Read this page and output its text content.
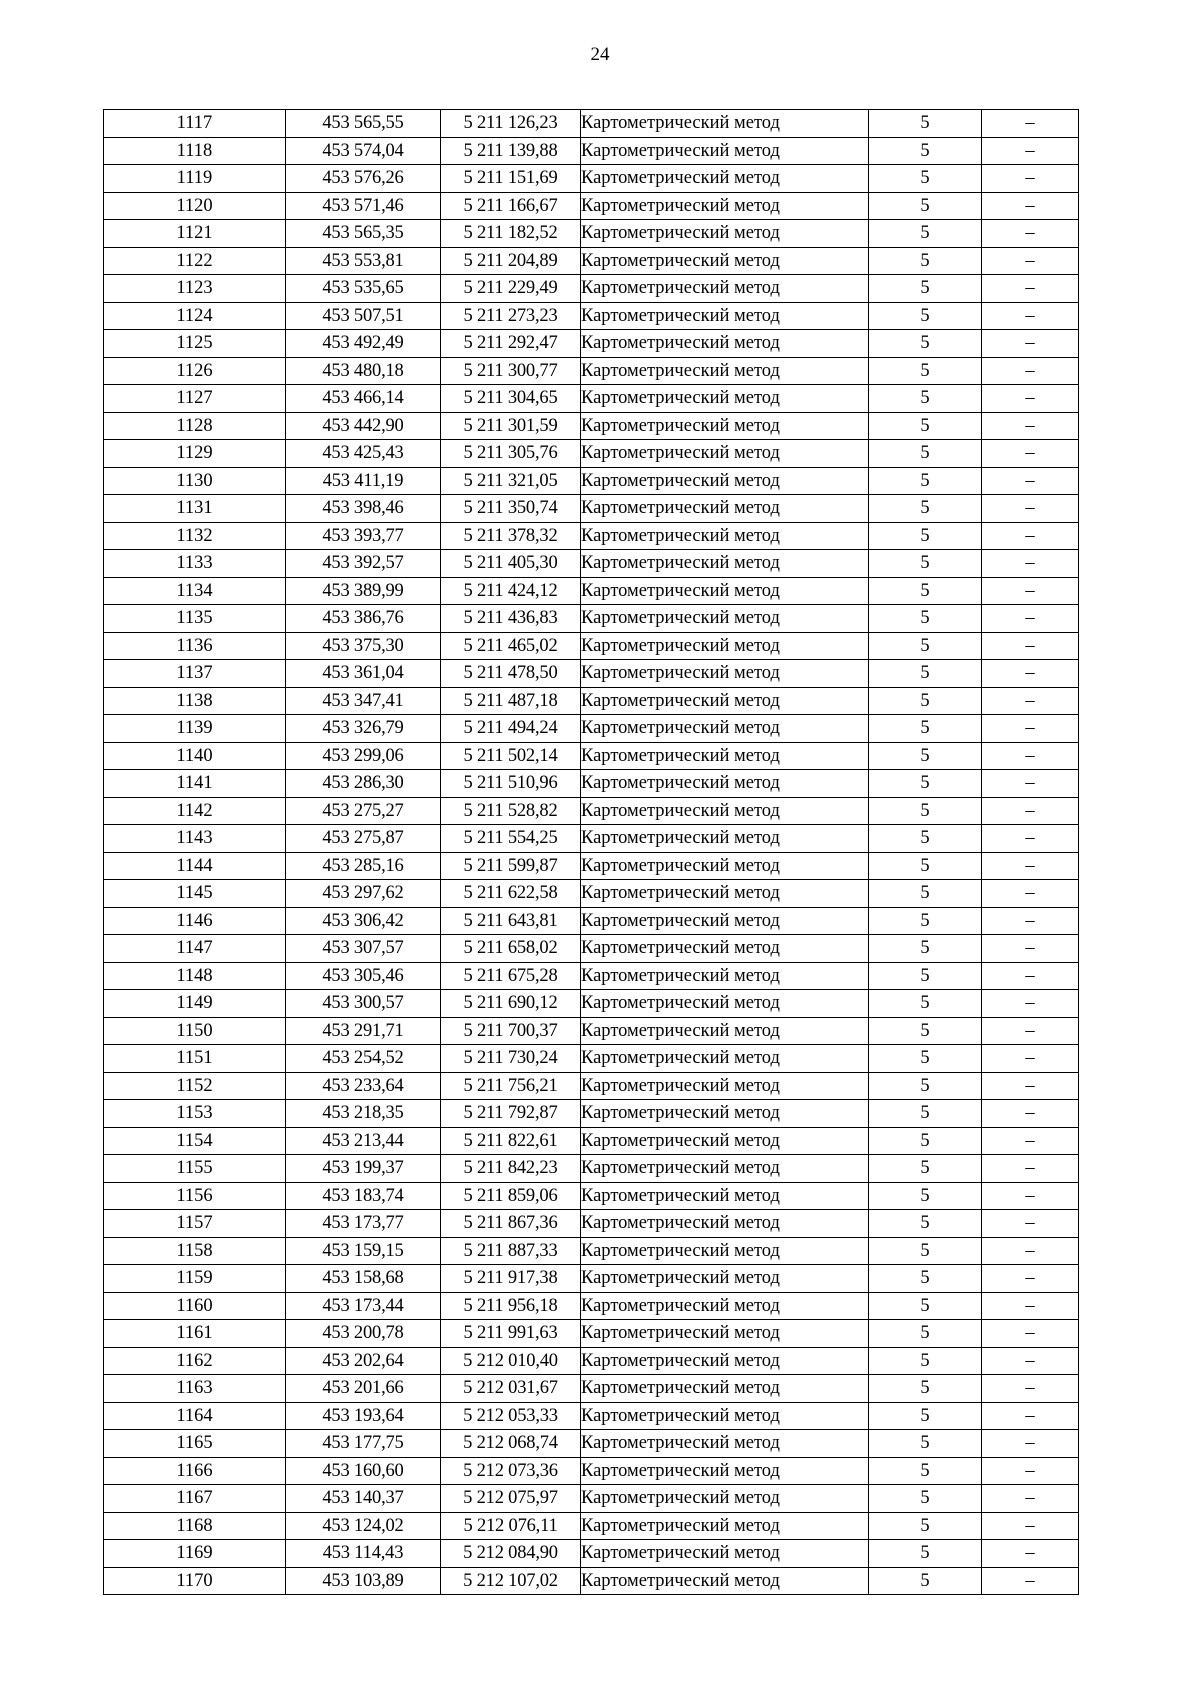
24
1117	453 565,55	5 211 126,23	Картометрический метод	5	–
1118	453 574,04	5 211 139,88	Картометрический метод	5	–
1119	453 576,26	5 211 151,69	Картометрический метод	5	–
1120	453 571,46	5 211 166,67	Картометрический метод	5	–
1121	453 565,35	5 211 182,52	Картометрический метод	5	–
1122	453 553,81	5 211 204,89	Картометрический метод	5	–
1123	453 535,65	5 211 229,49	Картометрический метод	5	–
1124	453 507,51	5 211 273,23	Картометрический метод	5	–
1125	453 492,49	5 211 292,47	Картометрический метод	5	–
1126	453 480,18	5 211 300,77	Картометрический метод	5	–
1127	453 466,14	5 211 304,65	Картометрический метод	5	–
1128	453 442,90	5 211 301,59	Картометрический метод	5	–
1129	453 425,43	5 211 305,76	Картометрический метод	5	–
1130	453 411,19	5 211 321,05	Картометрический метод	5	–
1131	453 398,46	5 211 350,74	Картометрический метод	5	–
1132	453 393,77	5 211 378,32	Картометрический метод	5	–
1133	453 392,57	5 211 405,30	Картометрический метод	5	–
1134	453 389,99	5 211 424,12	Картометрический метод	5	–
1135	453 386,76	5 211 436,83	Картометрический метод	5	–
1136	453 375,30	5 211 465,02	Картометрический метод	5	–
1137	453 361,04	5 211 478,50	Картометрический метод	5	–
1138	453 347,41	5 211 487,18	Картометрический метод	5	–
1139	453 326,79	5 211 494,24	Картометрический метод	5	–
1140	453 299,06	5 211 502,14	Картометрический метод	5	–
1141	453 286,30	5 211 510,96	Картометрический метод	5	–
1142	453 275,27	5 211 528,82	Картометрический метод	5	–
1143	453 275,87	5 211 554,25	Картометрический метод	5	–
1144	453 285,16	5 211 599,87	Картометрический метод	5	–
1145	453 297,62	5 211 622,58	Картометрический метод	5	–
1146	453 306,42	5 211 643,81	Картометрический метод	5	–
1147	453 307,57	5 211 658,02	Картометрический метод	5	–
1148	453 305,46	5 211 675,28	Картометрический метод	5	–
1149	453 300,57	5 211 690,12	Картометрический метод	5	–
1150	453 291,71	5 211 700,37	Картометрический метод	5	–
1151	453 254,52	5 211 730,24	Картометрический метод	5	–
1152	453 233,64	5 211 756,21	Картометрический метод	5	–
1153	453 218,35	5 211 792,87	Картометрический метод	5	–
1154	453 213,44	5 211 822,61	Картометрический метод	5	–
1155	453 199,37	5 211 842,23	Картометрический метод	5	–
1156	453 183,74	5 211 859,06	Картометрический метод	5	–
1157	453 173,77	5 211 867,36	Картометрический метод	5	–
1158	453 159,15	5 211 887,33	Картометрический метод	5	–
1159	453 158,68	5 211 917,38	Картометрический метод	5	–
1160	453 173,44	5 211 956,18	Картометрический метод	5	–
1161	453 200,78	5 211 991,63	Картометрический метод	5	–
1162	453 202,64	5 212 010,40	Картометрический метод	5	–
1163	453 201,66	5 212 031,67	Картометрический метод	5	–
1164	453 193,64	5 212 053,33	Картометрический метод	5	–
1165	453 177,75	5 212 068,74	Картометрический метод	5	–
1166	453 160,60	5 212 073,36	Картометрический метод	5	–
1167	453 140,37	5 212 075,97	Картометрический метод	5	–
1168	453 124,02	5 212 076,11	Картометрический метод	5	–
1169	453 114,43	5 212 084,90	Картометрический метод	5	–
1170	453 103,89	5 212 107,02	Картометрический метод	5	–
